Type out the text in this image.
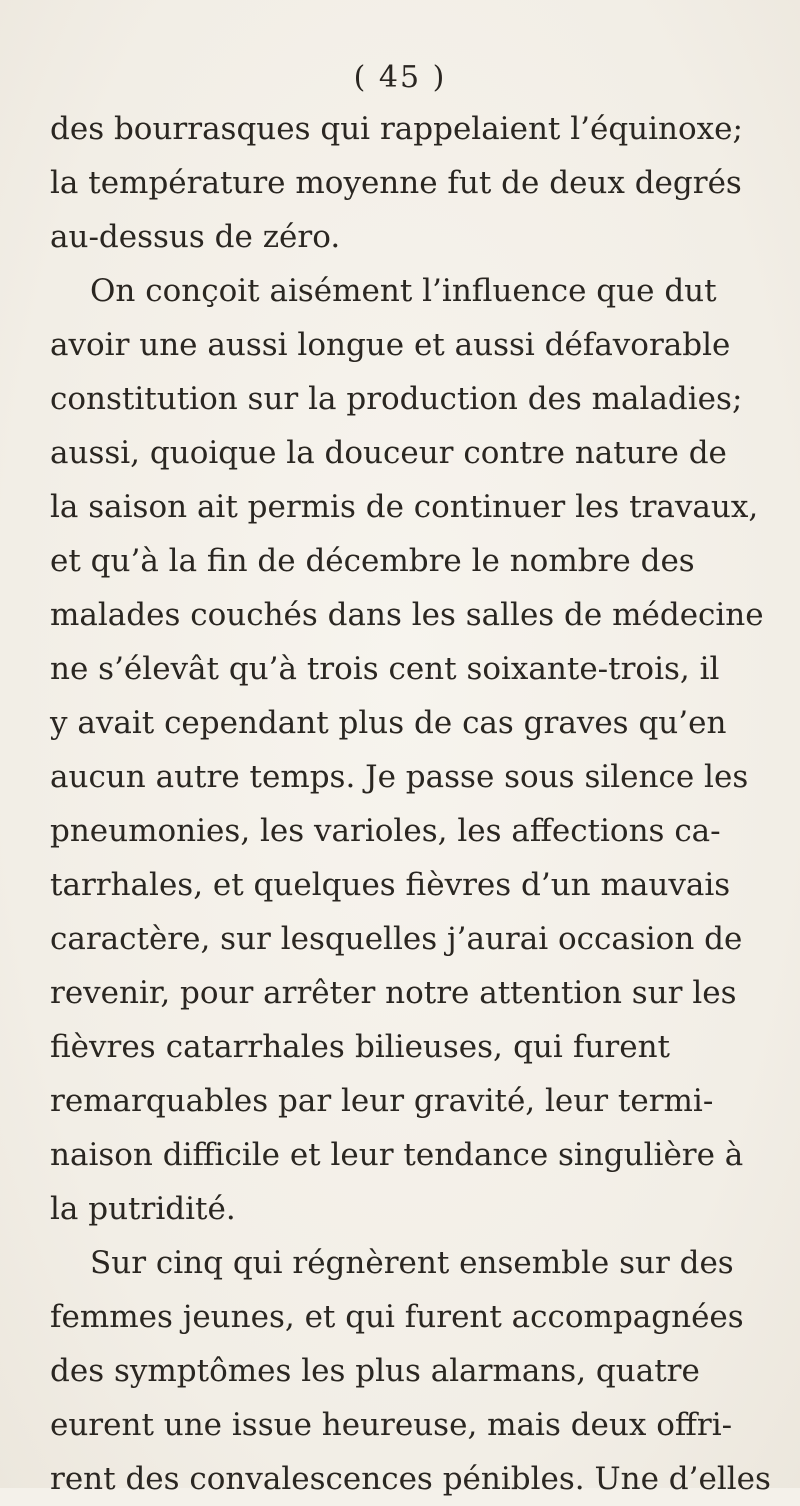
( 45 )
des bourrasques qui rappelaient l’équinoxe;
la température moyenne fut de deux degrés
au-dessus de zéro.
On conçoit aisément l’influence que dut
avoir une aussi longue et aussi défavorable
constitution sur la production des maladies;
aussi, quoique la douceur contre nature de
la saison ait permis de continuer les travaux,
et qu’à la fin de décembre le nombre des
malades couchés dans les salles de médecine
ne s’élevât qu’à trois cent soixante-trois, il
y avait cependant plus de cas graves qu’en
aucun autre temps. Je passe sous silence les
pneumonies, les varioles, les affections ca-
tarrhales, et quelques fièvres d’un mauvais
caractère, sur lesquelles j’aurai occasion de
revenir, pour arrêter notre attention sur les
fièvres catarrhales bilieuses, qui furent
remarquables par leur gravité, leur termi-
naison difficile et leur tendance singulière à
la putridité.
Sur cinq qui régnèrent ensemble sur des
femmes jeunes, et qui furent accompagnées
des symptômes les plus alarmans, quatre
eurent une issue heureuse, mais deux offri-
rent des convalescences pénibles. Une d’elles
